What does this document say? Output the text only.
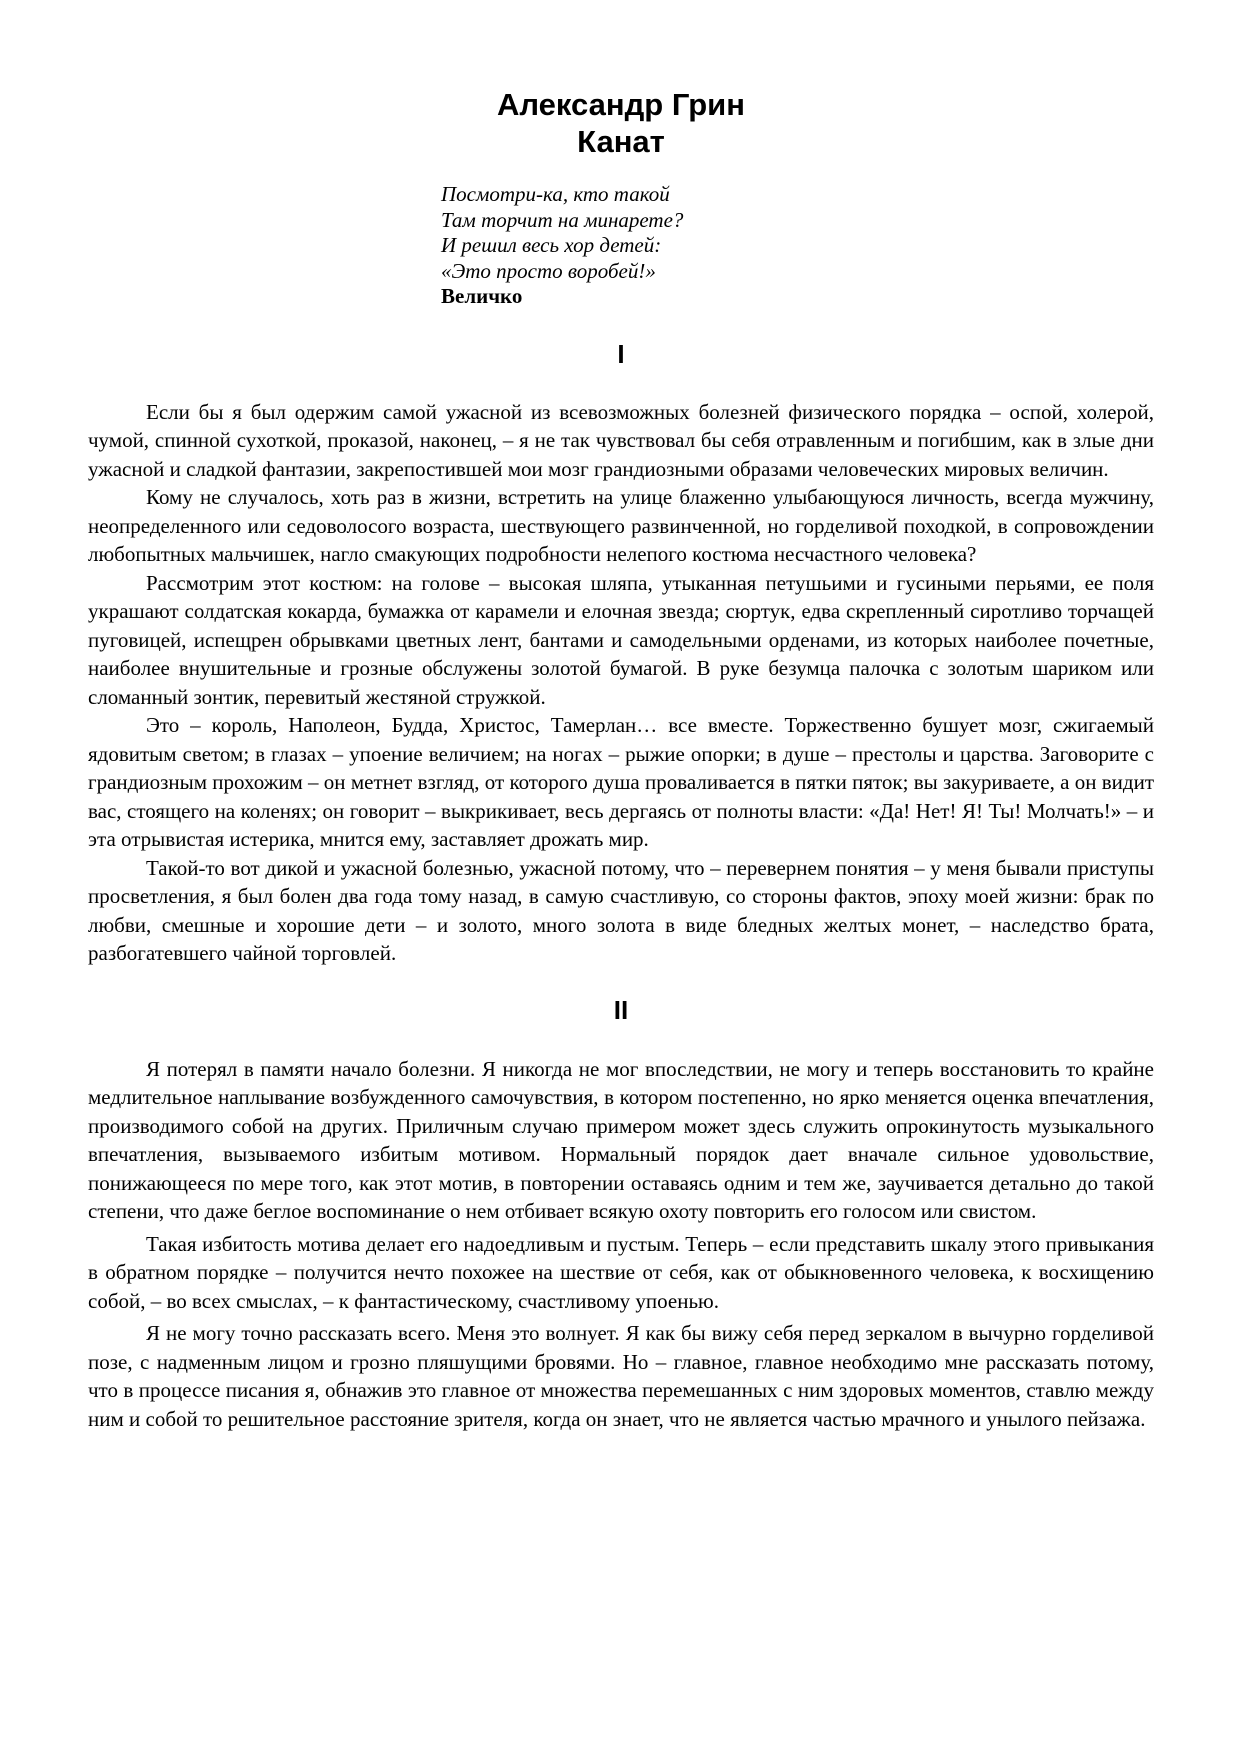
Александр Грин
Канат
Посмотри-ка, кто такой
Там торчит на минарете?
И решил весь хор детей:
«Это просто воробей!»
Величко
I

Если бы я был одержим самой ужасной из всевозможных болезней физического порядка – оспой, холерой, чумой, спинной сухоткой, проказой, наконец, – я не так чувствовал бы себя отравленным и погибшим, как в злые дни ужасной и сладкой фантазии, закрепостившей мои мозг грандиозными образами человеческих мировых величин.

Кому не случалось, хоть раз в жизни, встретить на улице блаженно улыбающуюся личность, всегда мужчину, неопределенного или седоволосого возраста, шествующего развинченной, но горделивой походкой, в сопровождении любопытных мальчишек, нагло смакующих подробности нелепого костюма несчастного человека?

Рассмотрим этот костюм: на голове – высокая шляпа, утыканная петушьими и гусиными перьями, ее поля украшают солдатская кокарда, бумажка от карамели и елочная звезда; сюртук, едва скрепленный сиротливо торчащей пуговицей, испещрен обрывками цветных лент, бантами и самодельными орденами, из которых наиболее почетные, наиболее внушительные и грозные обслужены золотой бумагой. В руке безумца палочка с золотым шариком или сломанный зонтик, перевитый жестяной стружкой.

Это – король, Наполеон, Будда, Христос, Тамерлан… все вместе. Торжественно бушует мозг, сжигаемый ядовитым светом; в глазах – упоение величием; на ногах – рыжие опорки; в душе – престолы и царства. Заговорите с грандиозным прохожим – он метнет взгляд, от которого душа проваливается в пятки пяток; вы закуриваете, а он видит вас, стоящего на коленях; он говорит – выкрикивает, весь дергаясь от полноты власти: «Да! Нет! Я! Ты! Молчать!» – и эта отрывистая истерика, мнится ему, заставляет дрожать мир.

Такой-то вот дикой и ужасной болезнью, ужасной потому, что – перевернем понятия – у меня бывали приступы просветления, я был болен два года тому назад, в самую счастливую, со стороны фактов, эпоху моей жизни: брак по любви, смешные и хорошие дети – и золото, много золота в виде бледных желтых монет, – наследство брата, разбогатевшего чайной торговлей.

II

Я потерял в памяти начало болезни. Я никогда не мог впоследствии, не могу и теперь восстановить то крайне медлительное наплывание возбужденного самочувствия, в котором постепенно, но ярко меняется оценка впечатления, производимого собой на других. Приличным случаю примером может здесь служить опрокинутость музыкального впечатления, вызываемого избитым мотивом. Нормальный порядок дает вначале сильное удовольствие, понижающееся по мере того, как этот мотив, в повторении оставаясь одним и тем же, заучивается детально до такой степени, что даже беглое воспоминание о нем отбивает всякую охоту повторить его голосом или свистом.

Такая избитость мотива делает его надоедливым и пустым. Теперь – если представить шкалу этого привыкания в обратном порядке – получится нечто похожее на шествие от себя, как от обыкновенного человека, к восхищению собой, – во всех смыслах, – к фантастическому, счастливому упоенью.

Я не могу точно рассказать всего. Меня это волнует. Я как бы вижу себя перед зеркалом в вычурно горделивой позе, с надменным лицом и грозно пляшущими бровями. Но – главное, главное необходимо мне рассказать потому, что в процессе писания я, обнажив это главное от множества перемешанных с ним здоровых моментов, ставлю между ним и собой то решительное расстояние зрителя, когда он знает, что не является частью мрачного и унылого пейзажа.
